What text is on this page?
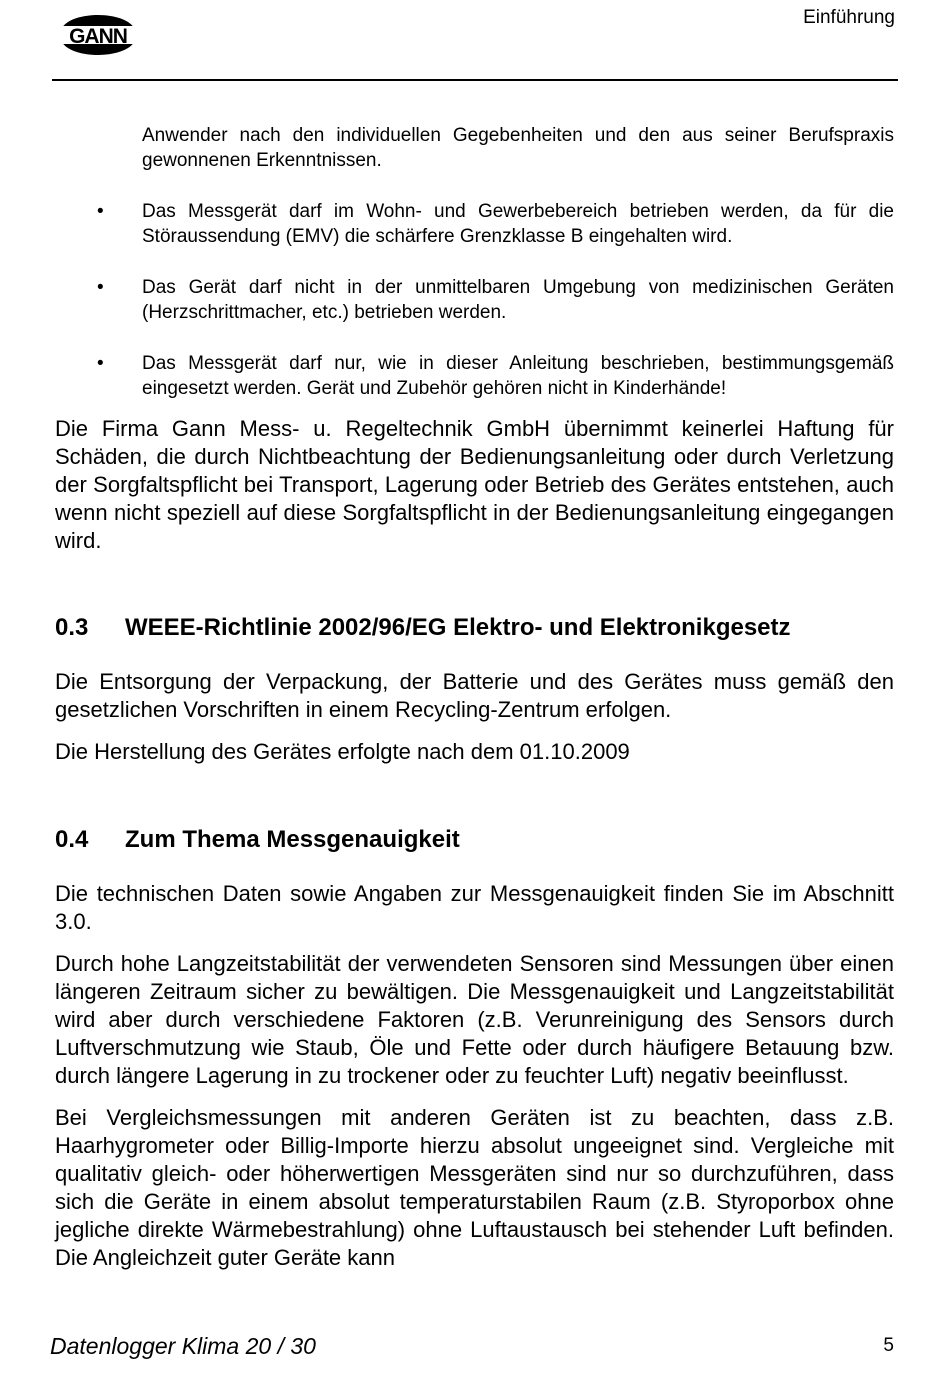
GANN
Einführung

Anwender nach den individuellen Gegebenheiten und den aus seiner Berufspraxis gewonnenen Erkenntnissen.

• Das Messgerät darf im Wohn- und Gewerbebereich betrieben werden, da für die Störaussendung (EMV) die schärfere Grenzklasse B eingehalten wird.
• Das Gerät darf nicht in der unmittelbaren Umgebung von medizinischen Geräten (Herzschrittmacher, etc.) betrieben werden.
• Das Messgerät darf nur, wie in dieser Anleitung beschrieben, bestimmungsgemäß eingesetzt werden. Gerät und Zubehör gehören nicht in Kinderhände!

Die Firma Gann Mess- u. Regeltechnik GmbH übernimmt keinerlei Haftung für Schäden, die durch Nichtbeachtung der Bedienungsanleitung oder durch Verletzung der Sorgfaltspflicht bei Transport, Lagerung oder Betrieb des Gerätes entstehen, auch wenn nicht speziell auf diese Sorgfaltspflicht in der Bedienungsanleitung eingegangen wird.

0.3 WEEE-Richtlinie 2002/96/EG Elektro- und Elektronikgesetz

Die Entsorgung der Verpackung, der Batterie und des Gerätes muss gemäß den gesetzlichen Vorschriften in einem Recycling-Zentrum erfolgen.

Die Herstellung des Gerätes erfolgte nach dem 01.10.2009

0.4 Zum Thema Messgenauigkeit

Die technischen Daten sowie Angaben zur Messgenauigkeit finden Sie im Abschnitt 3.0.

Durch hohe Langzeitstabilität der verwendeten Sensoren sind Messungen über einen längeren Zeitraum sicher zu bewältigen. Die Messgenauigkeit und Langzeitstabilität wird aber durch verschiedene Faktoren (z.B. Verunreinigung des Sensors durch Luftverschmutzung wie Staub, Öle und Fette oder durch häufigere Betauung bzw. durch längere Lagerung in zu trockener oder zu feuchter Luft) negativ beeinflusst.

Bei Vergleichsmessungen mit anderen Geräten ist zu beachten, dass z.B. Haarhygrometer oder Billig-Importe hierzu absolut ungeeignet sind. Vergleiche mit qualitativ gleich- oder höherwertigen Messgeräten sind nur so durchzuführen, dass sich die Geräte in einem absolut temperaturstabilen Raum (z.B. Styroporbox ohne jegliche direkte Wärmebestrahlung) ohne Luftaustausch bei stehender Luft befinden. Die Angleichzeit guter Geräte kann

Datenlogger Klima 20 / 30	5
